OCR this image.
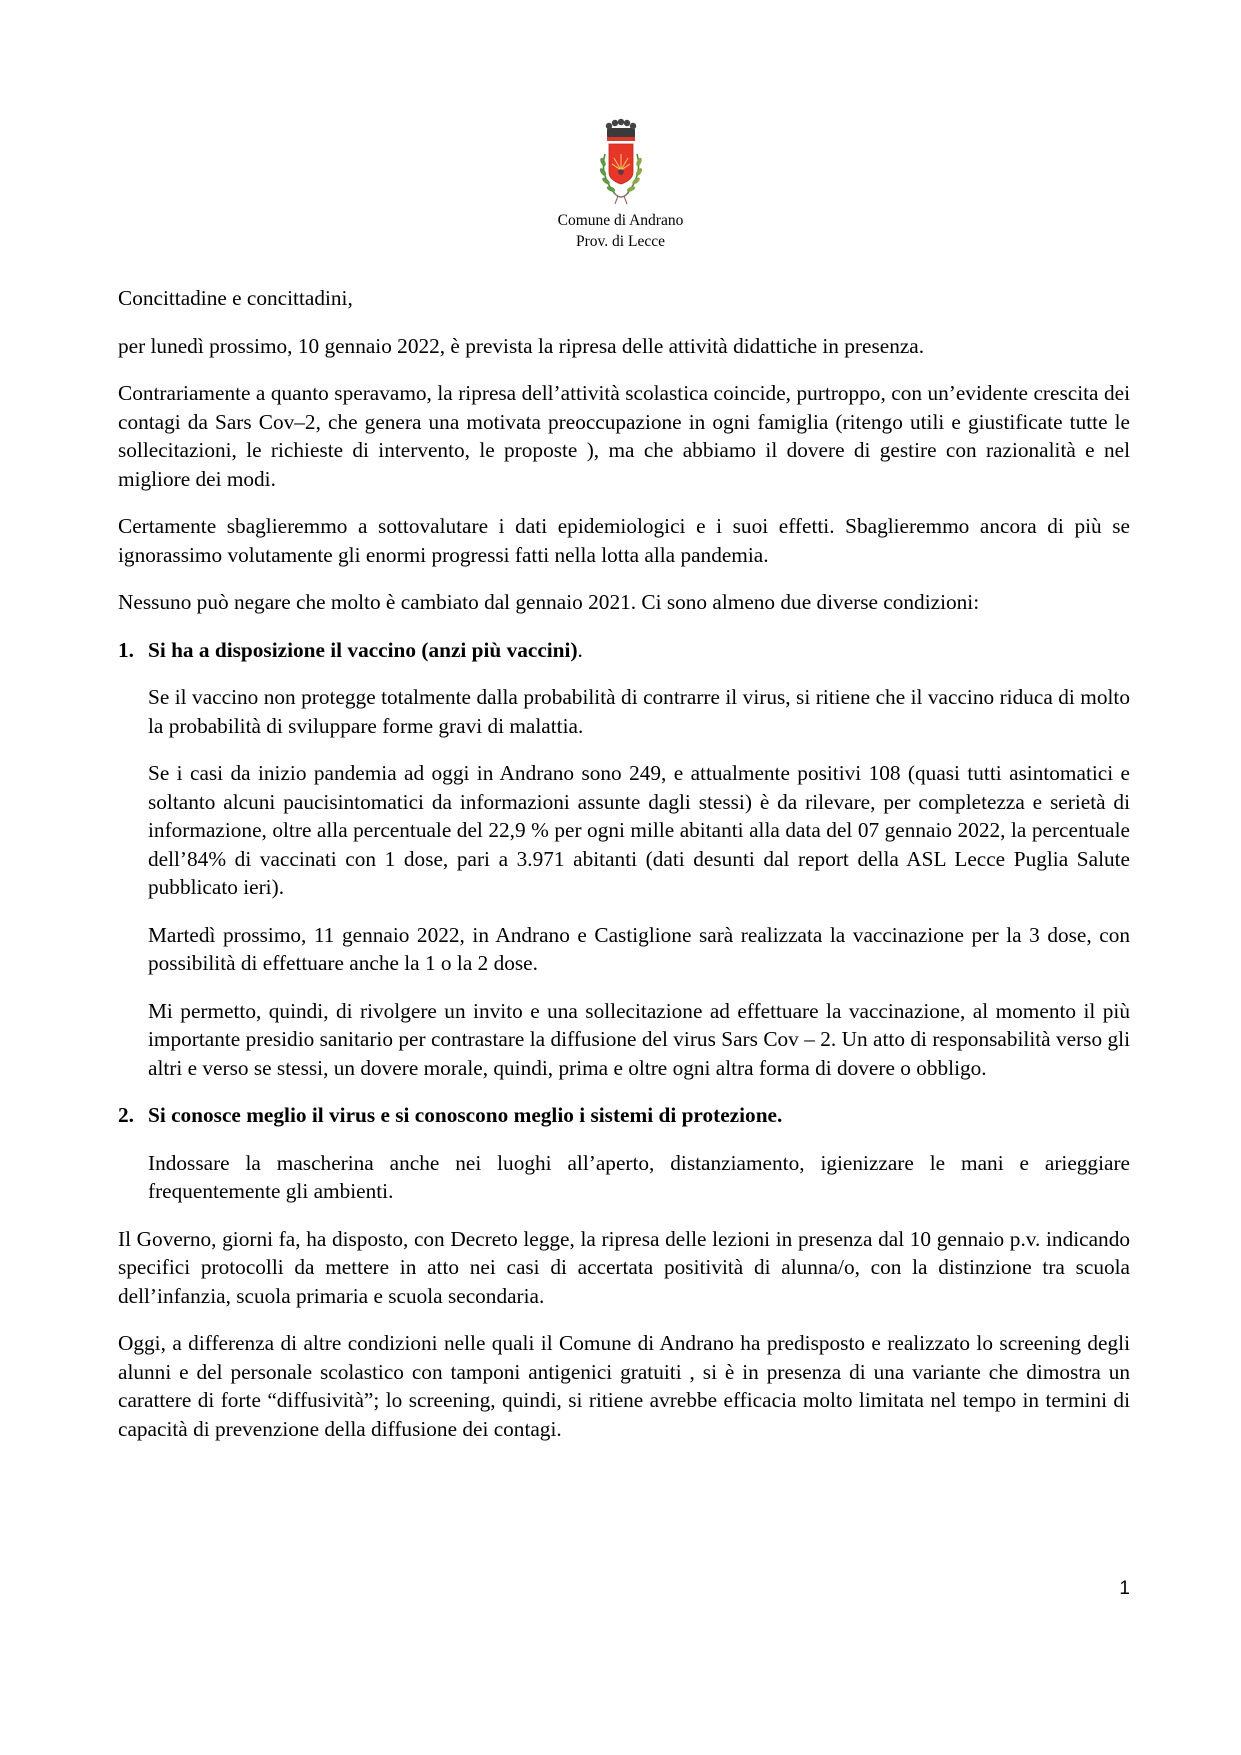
Comune di Andrano
Prov. di Lecce

Concittadine e concittadini,

per lunedì prossimo, 10 gennaio 2022, è prevista la ripresa delle attività didattiche in presenza.

Contrariamente a quanto speravamo, la ripresa dell’attività scolastica coincide, purtroppo, con un’evidente crescita dei contagi da Sars Cov–2, che genera una motivata preoccupazione in ogni famiglia (ritengo utili e giustificate tutte le sollecitazioni, le richieste di intervento, le proposte ), ma che abbiamo il dovere di gestire con razionalità e nel migliore dei modi.

Certamente sbaglieremmo a sottovalutare i dati epidemiologici e i suoi effetti. Sbaglieremmo ancora di più se ignorassimo volutamente gli enormi progressi fatti nella lotta alla pandemia.

Nessuno può negare che molto è cambiato dal gennaio 2021. Ci sono almeno due diverse condizioni:

1. Si ha a disposizione il vaccino (anzi più vaccini).

Se il vaccino non protegge totalmente dalla probabilità di contrarre il virus, si ritiene che il vaccino riduca di molto la probabilità di sviluppare forme gravi di malattia.

Se i casi da inizio pandemia ad oggi in Andrano sono 249, e attualmente positivi 108 (quasi tutti asintomatici e soltanto alcuni paucisintomatici da informazioni assunte dagli stessi) è da rilevare, per completezza e serietà di informazione, oltre alla percentuale del 22,9 % per ogni mille abitanti alla data del 07 gennaio 2022, la percentuale dell’84% di vaccinati con 1 dose, pari a 3.971 abitanti (dati desunti dal report della ASL Lecce Puglia Salute pubblicato ieri).

Martedì prossimo, 11 gennaio 2022, in Andrano e Castiglione sarà realizzata la vaccinazione per la 3 dose, con possibilità di effettuare anche la 1 o la 2 dose.

Mi permetto, quindi, di rivolgere un invito e una sollecitazione ad effettuare la vaccinazione, al momento il più importante presidio sanitario per contrastare la diffusione del virus Sars Cov – 2. Un atto di responsabilità verso gli altri e verso se stessi, un dovere morale, quindi, prima e oltre ogni altra forma di dovere o obbligo.

2. Si conosce meglio il virus e si conoscono meglio i sistemi di protezione.

Indossare la mascherina anche nei luoghi all’aperto, distanziamento, igienizzare le mani e arieggiare frequentemente gli ambienti.

Il Governo, giorni fa, ha disposto, con Decreto legge, la ripresa delle lezioni in presenza dal 10 gennaio p.v. indicando specifici protocolli da mettere in atto nei casi di accertata positività di alunna/o, con la distinzione tra scuola dell’infanzia, scuola primaria e scuola secondaria.

Oggi, a differenza di altre condizioni nelle quali il Comune di Andrano ha predisposto e realizzato lo screening degli alunni e del personale scolastico con tamponi antigenici gratuiti , si è in presenza di una variante che dimostra un carattere di forte “diffusività”; lo screening, quindi, si ritiene avrebbe efficacia molto limitata nel tempo in termini di capacità di prevenzione della diffusione dei contagi.

1
